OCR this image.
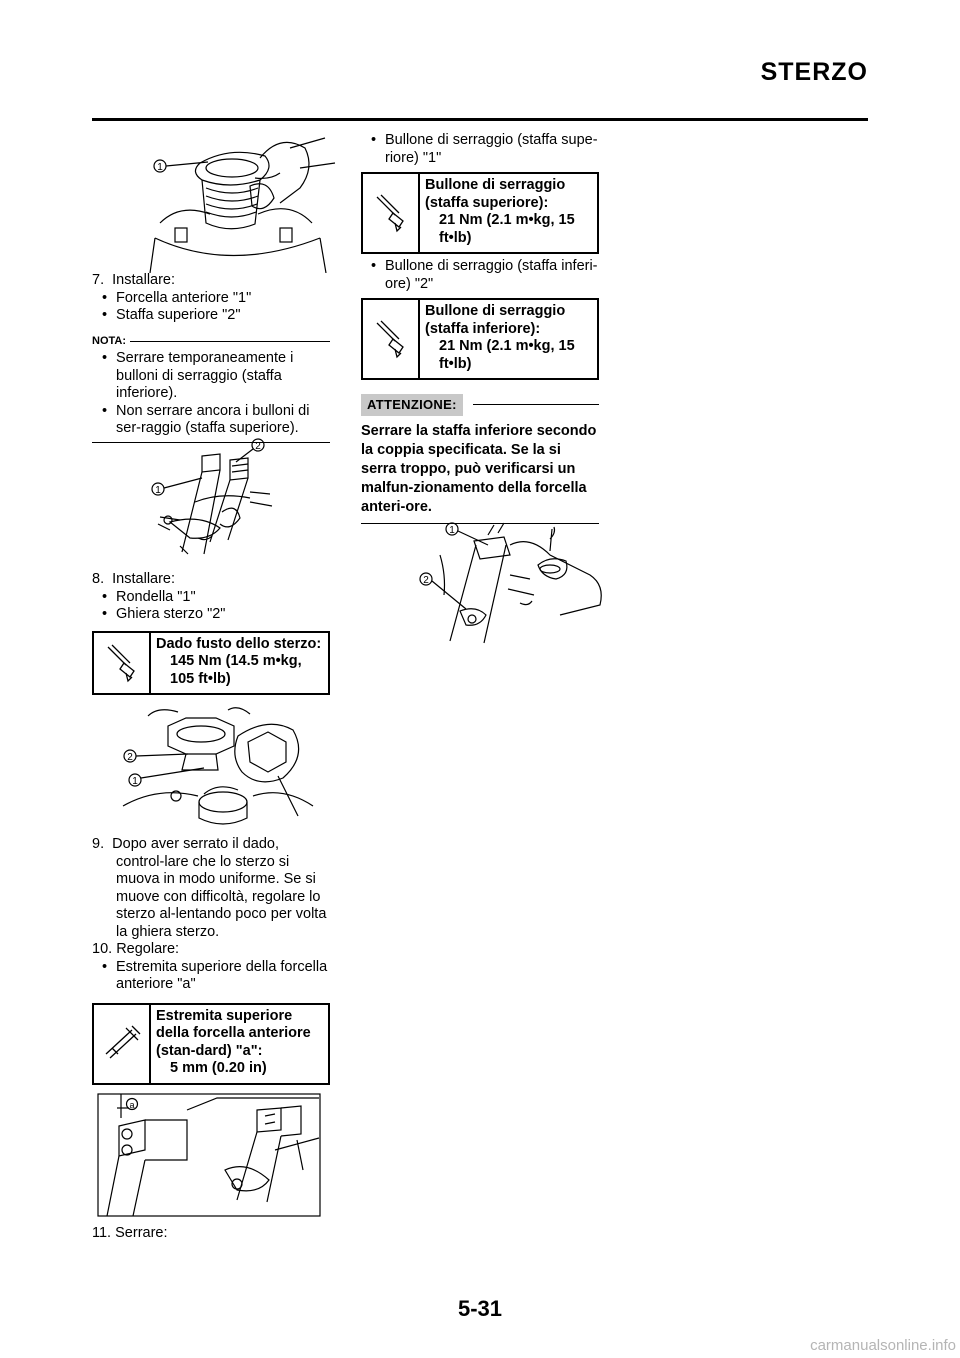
STERZO
1
7. Installare:
• Forcella anteriore "1"
• Staffa superiore "2"
NOTA:
• Serrare temporaneamente i bulloni di serraggio (staffa inferiore).
• Non serrare ancora i bulloni di ser-raggio (staffa superiore).
2
1
8. Installare:
• Rondella "1"
• Ghiera sterzo "2"
Dado fusto dello sterzo:
145 Nm (14.5 m•kg, 105 ft•lb)
2
1
9. Dopo aver serrato il dado, control-lare che lo sterzo si muova in modo uniforme. Se si muove con difficoltà, regolare lo sterzo al-lentando poco per volta la ghiera sterzo.
10. Regolare:
• Estremita superiore della forcella anteriore "a"
Estremita superiore della forcella anteriore (stan-dard) "a":
5 mm (0.20 in)
a
11. Serrare:
• Bullone di serraggio (staffa supe-riore) "1"
Bullone di serraggio (staffa superiore):
21 Nm (2.1 m•kg, 15 ft•lb)
• Bullone di serraggio (staffa inferi-ore) "2"
Bullone di serraggio (staffa inferiore):
21 Nm (2.1 m•kg, 15 ft•lb)
ATTENZIONE:
Serrare la staffa inferiore secondo la coppia specificata. Se la si serra troppo, può verificarsi un malfun-zionamento della forcella anteri-ore.
1
2
5-31
carmanualsonline.info
